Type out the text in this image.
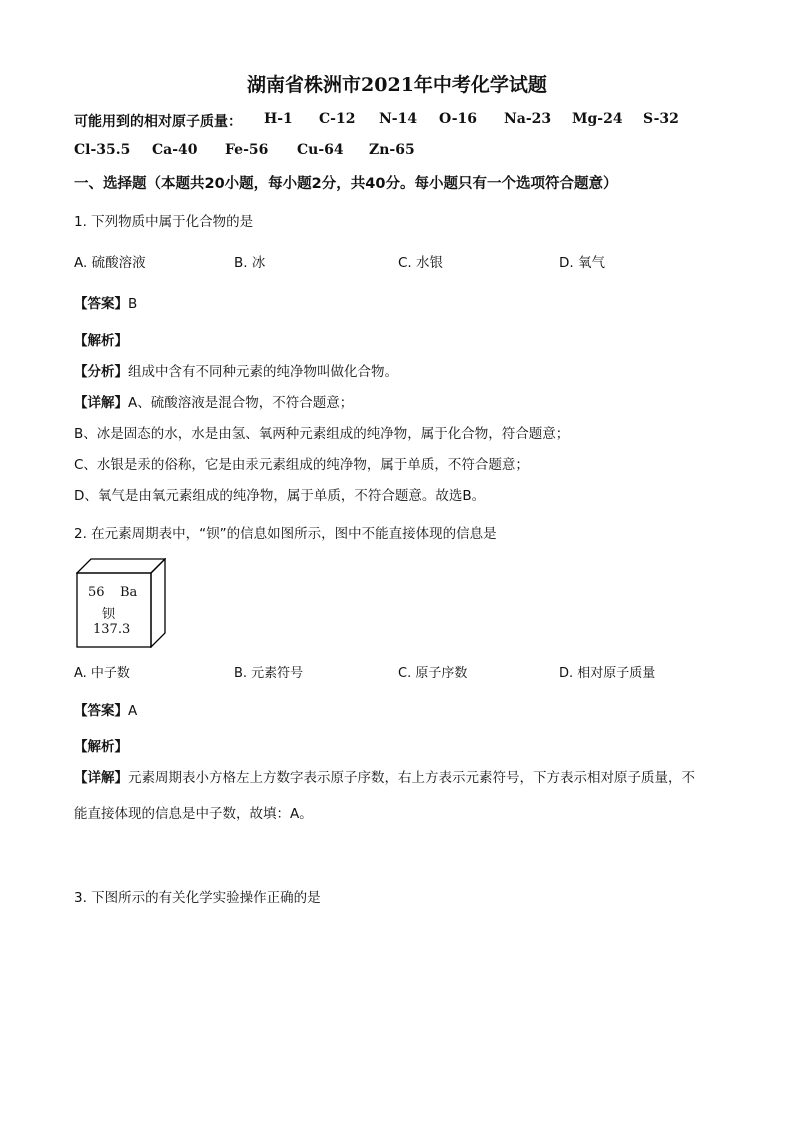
湖南省株洲市2021年中考化学试题
可能用到的相对原子质量： H-1 C-12 N-14 O-16 Na-23 Mg-24 S-32
Cl-35.5 Ca-40 Fe-56 Cu-64 Zn-65
一、选择题（本题共20小题，每小题2分，共40分。每小题只有一个选项符合题意）
1. 下列物质中属于化合物的是
A. 硫酸溶液	B. 冰	C. 水银	D. 氧气
【答案】B
【解析】
【分析】组成中含有不同种元素的纯净物叫做化合物。
【详解】A、硫酸溶液是混合物，不符合题意；
B、冰是固态的水，水是由氢、氧两种元素组成的纯净物，属于化合物，符合题意；
C、水银是汞的俗称，它是由汞元素组成的纯净物，属于单质，不符合题意；
D、氧气是由氧元素组成的纯净物，属于单质，不符合题意。故选B。
2. 在元素周期表中，“钡”的信息如图所示，图中不能直接体现的信息是
56 Ba
钡
137.3
A. 中子数	B. 元素符号	C. 原子序数	D. 相对原子质量
【答案】A
【解析】
【详解】元素周期表小方格左上方数字表示原子序数，右上方表示元素符号，下方表示相对原子质量，不
能直接体现的信息是中子数，故填：A。
3. 下图所示的有关化学实验操作正确的是
